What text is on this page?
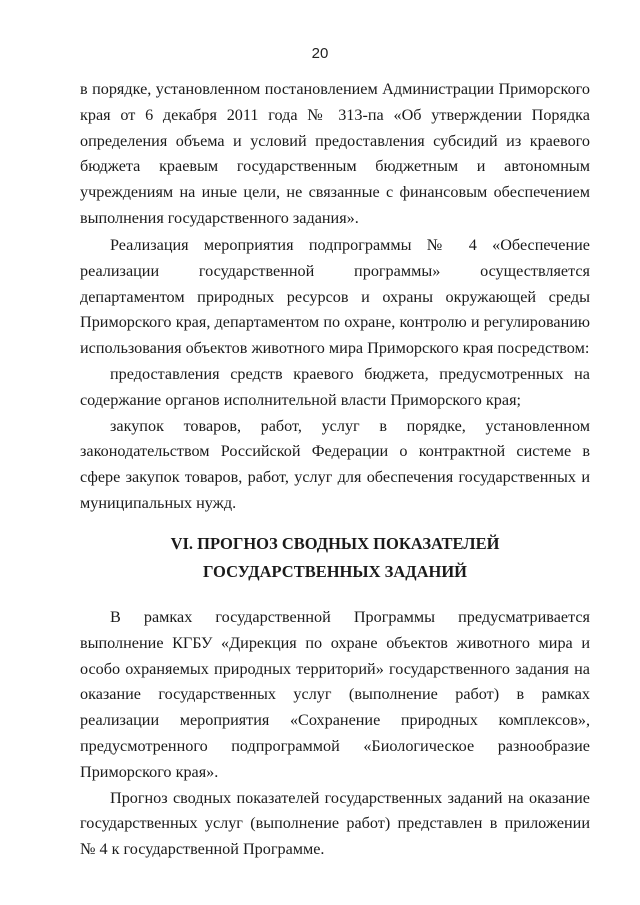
20

в порядке, установленном постановлением Администрации Приморского края от 6 декабря 2011 года № 313-па «Об утверждении Порядка определения объема и условий предоставления субсидий из краевого бюджета краевым государственным бюджетным и автономным учреждениям на иные цели, не связанные с финансовым обеспечением выполнения государственного задания».

Реализация мероприятия подпрограммы № 4 «Обеспечение реализации государственной программы» осуществляется департаментом природных ресурсов и охраны окружающей среды Приморского края, департаментом по охране, контролю и регулированию использования объектов животного мира Приморского края посредством:

предоставления средств краевого бюджета, предусмотренных на содержание органов исполнительной власти Приморского края;

закупок товаров, работ, услуг в порядке, установленном законодательством Российской Федерации о контрактной системе в сфере закупок товаров, работ, услуг для обеспечения государственных и муниципальных нужд.

VI. ПРОГНОЗ СВОДНЫХ ПОКАЗАТЕЛЕЙ
ГОСУДАРСТВЕННЫХ ЗАДАНИЙ

В рамках государственной Программы предусматривается выполнение КГБУ «Дирекция по охране объектов животного мира и особо охраняемых природных территорий» государственного задания на оказание государственных услуг (выполнение работ) в рамках реализации мероприятия «Сохранение природных комплексов», предусмотренного подпрограммой «Биологическое разнообразие Приморского края».

Прогноз сводных показателей государственных заданий на оказание государственных услуг (выполнение работ) представлен в приложении № 4 к государственной Программе.
